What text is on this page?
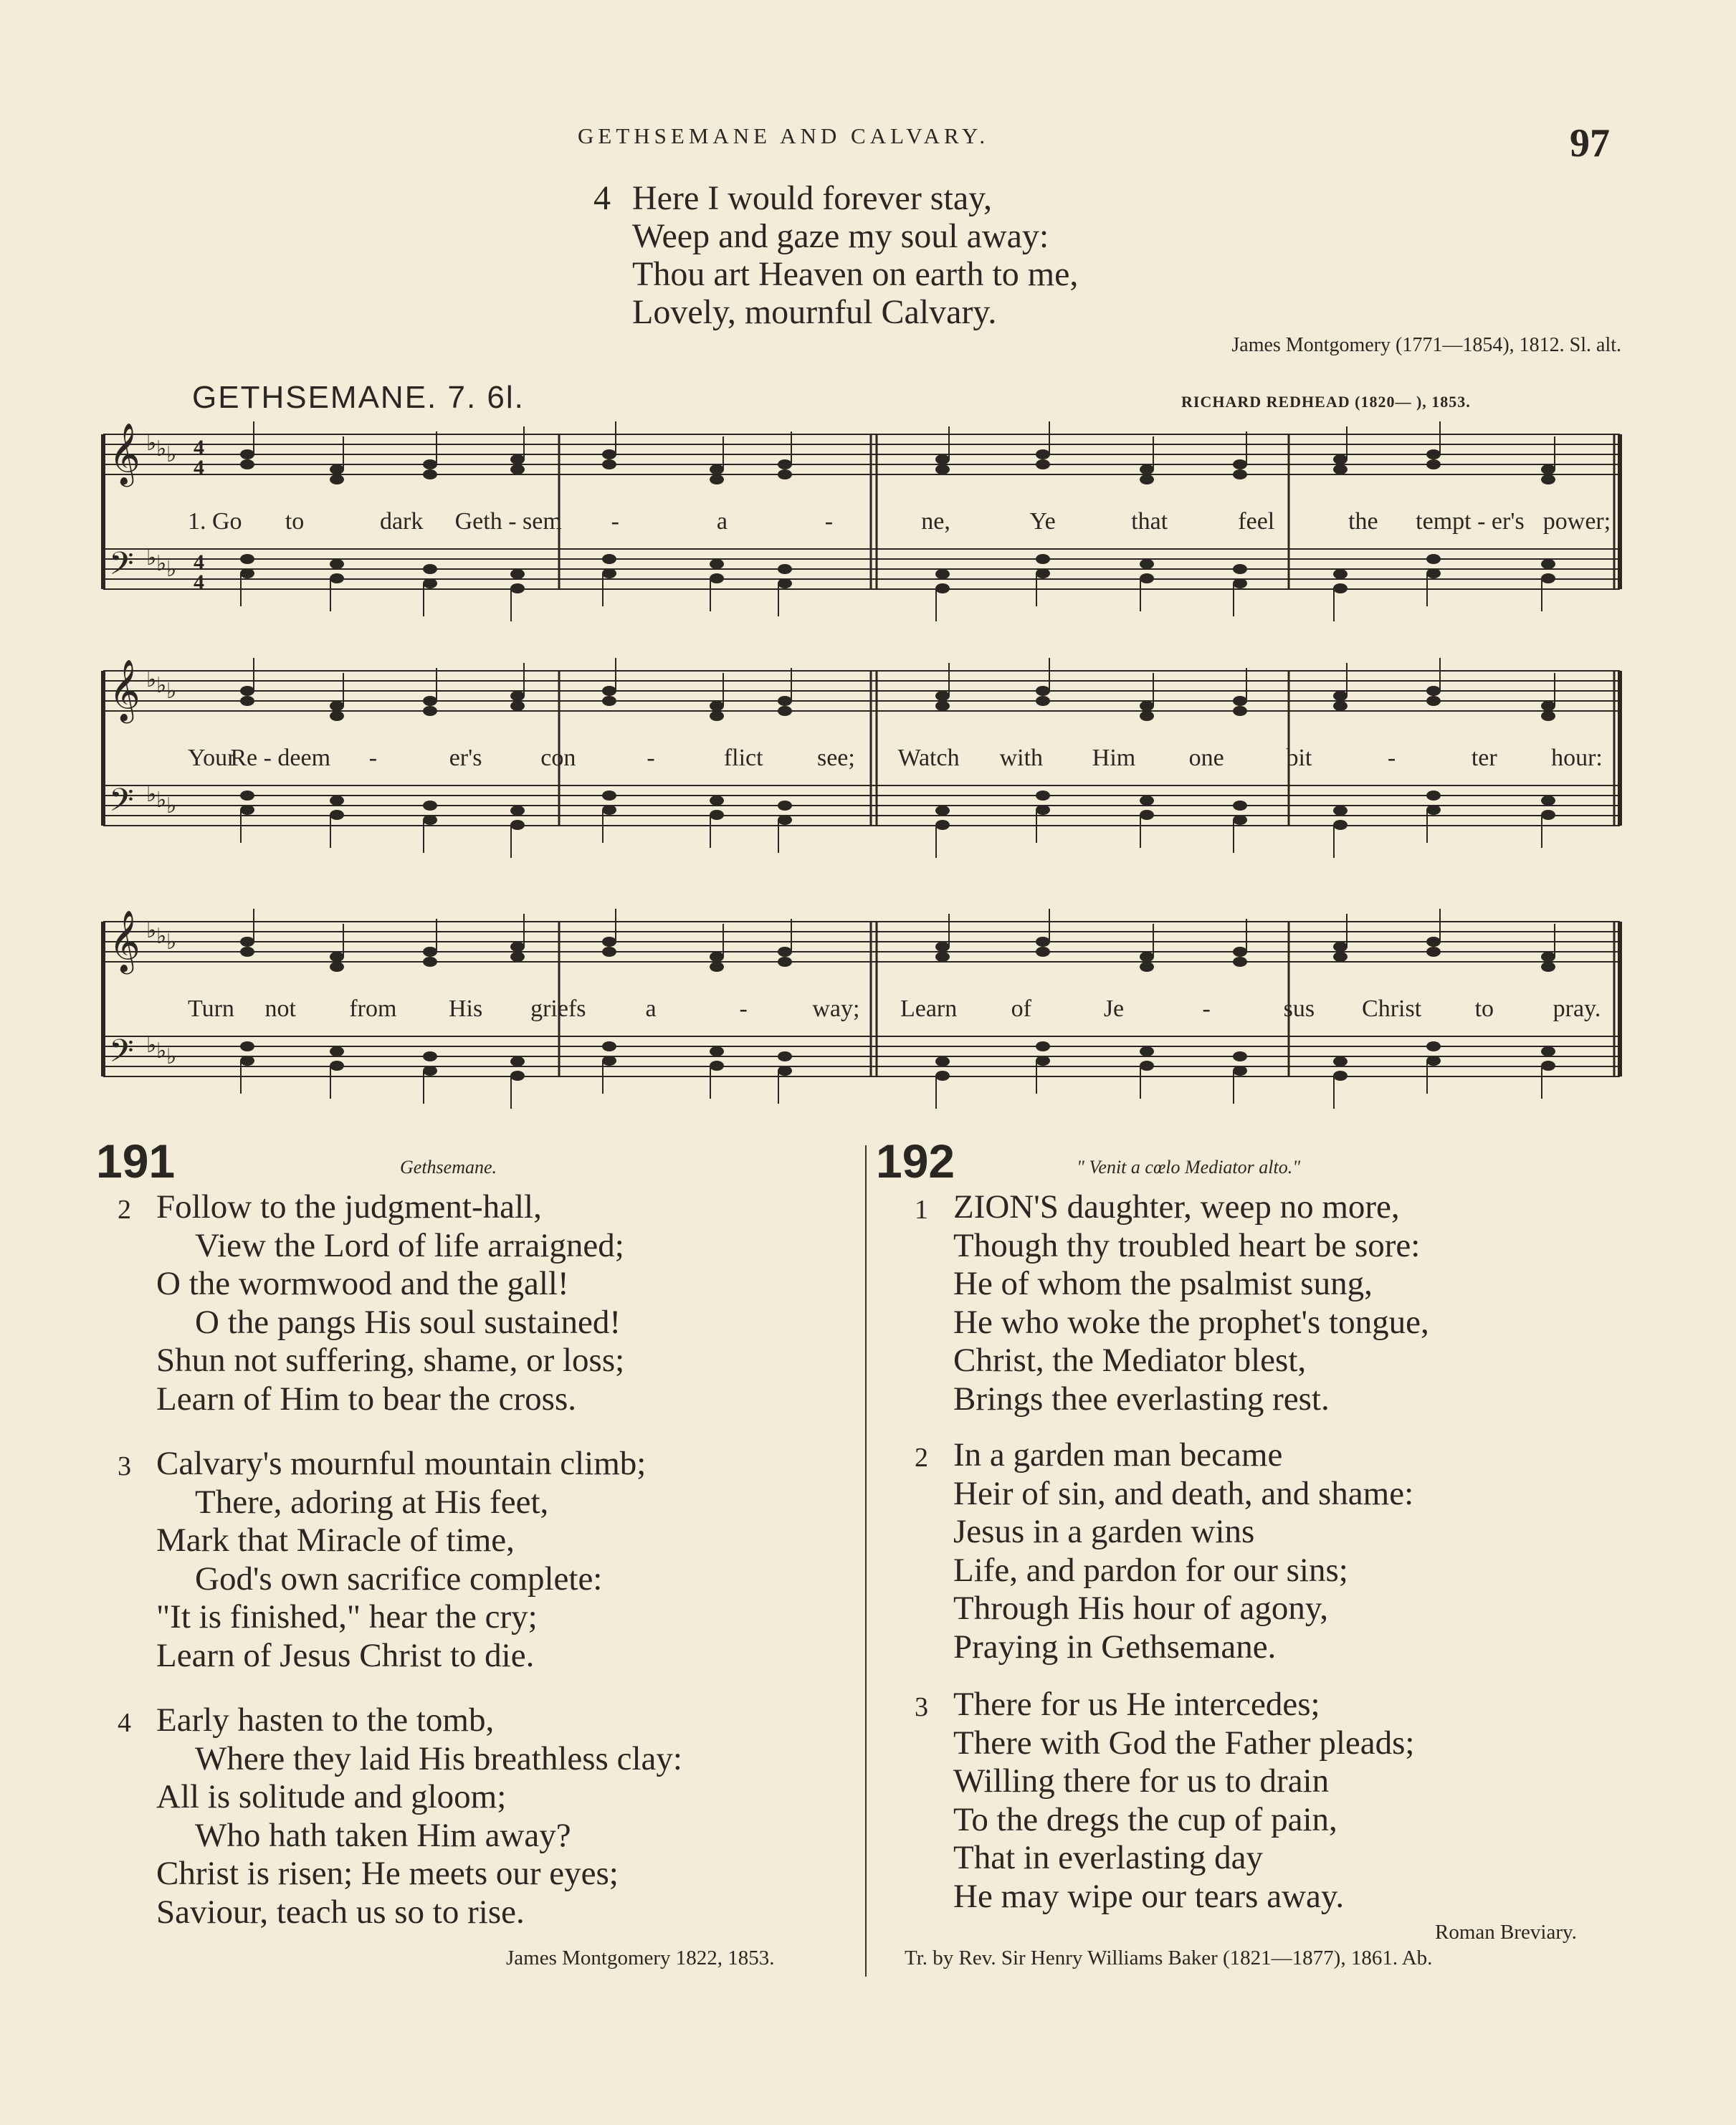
GETHSEMANE AND CALVARY.	97
4 Here I would forever stay,
Weep and gaze my soul away:
Thou art Heaven on earth to me,
Lovely, mournful Calvary.
James Montgomery (1771—1854), 1812. Sl. alt.
GETHSEMANE. 7. 6l.	RICHARD REDHEAD (1820— ), 1853.
𝄞 ♭ ♭ ♭
𝄢 ♭ ♭ ♭
1. Go to	dark Geth - sem -	a	-	ne,	Ye	that	feel	the tempt - er's power;
𝄞 ♭ ♭ ♭
𝄢 ♭ ♭ ♭
Your
Re - deem -	er's con	-	flict see; Watch with Him one	bit	-	ter hour:
𝄞 ♭ ♭ ♭
𝄢 ♭ ♭ ♭
Turn not from His griefs a	-	way; Learn of	Je	-	sus Christ to pray.
4
4
4
4
191	Gethsemane.
2 Follow to the judgment-hall,
View the Lord of life arraigned;
O the wormwood and the gall!
O the pangs His soul sustained!
Shun not suffering, shame, or loss;
Learn of Him to bear the cross.
3 Calvary's mournful mountain climb;
There, adoring at His feet,
Mark that Miracle of time,
God's own sacrifice complete:
"It is finished," hear the cry;
Learn of Jesus Christ to die.
4 Early hasten to the tomb,
Where they laid His breathless clay:
All is solitude and gloom;
Who hath taken Him away?
Christ is risen; He meets our eyes;
Saviour, teach us so to rise.
James Montgomery 1822, 1853.
192	" Venit a cœlo Mediator alto."
1 ZION'S daughter, weep no more,
Though thy troubled heart be sore:
He of whom the psalmist sung,
He who woke the prophet's tongue,
Christ, the Mediator blest,
Brings thee everlasting rest.
2 In a garden man became
Heir of sin, and death, and shame:
Jesus in a garden wins
Life, and pardon for our sins;
Through His hour of agony,
Praying in Gethsemane.
3 There for us He intercedes;
There with God the Father pleads;
Willing there for us to drain
To the dregs the cup of pain,
That in everlasting day
He may wipe our tears away.
Roman Breviary.
Tr. by Rev. Sir Henry Williams Baker (1821—1877), 1861. Ab.
